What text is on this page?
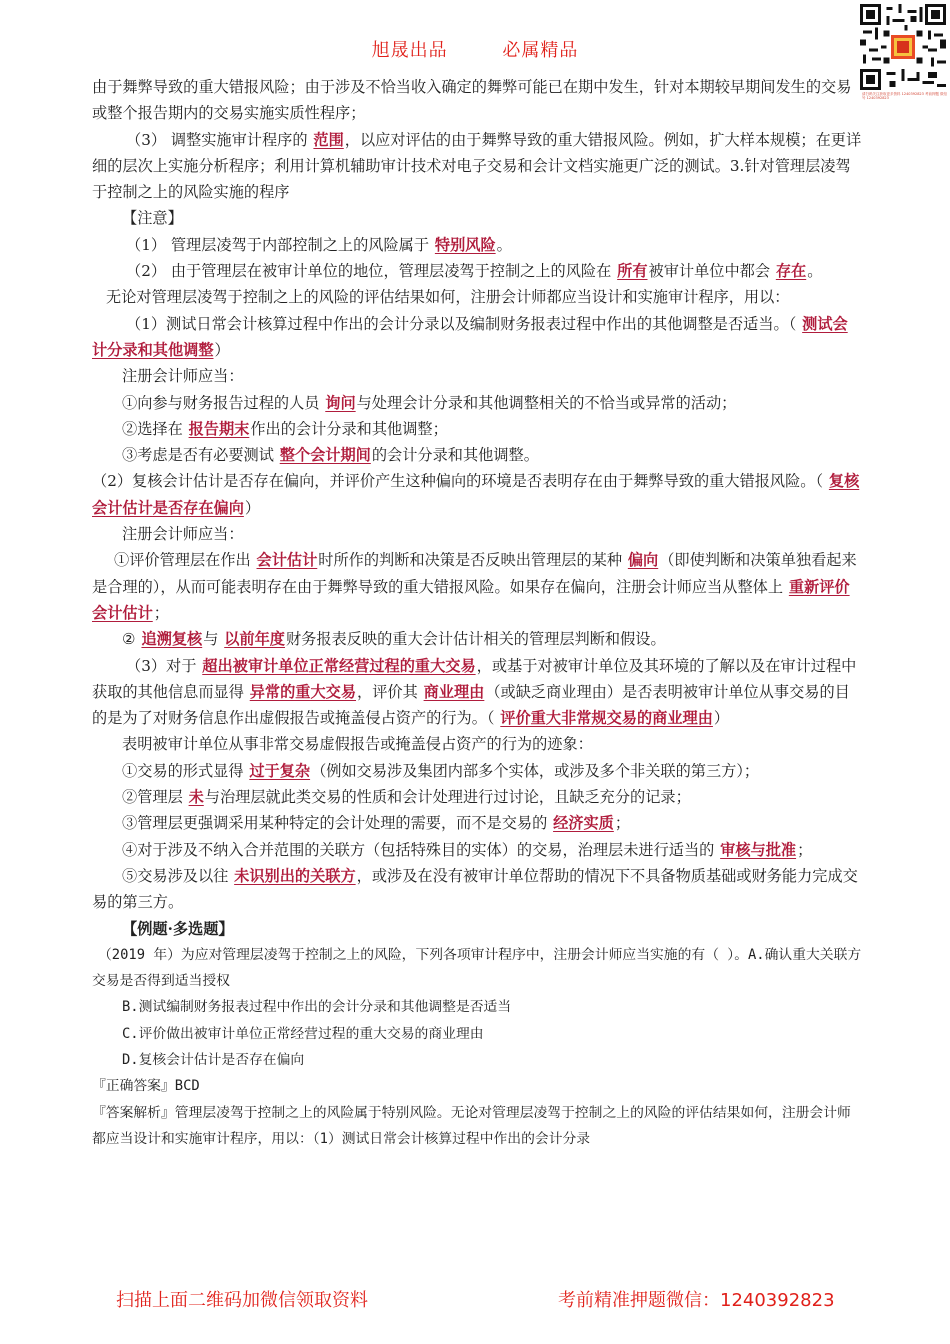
旭晟出品	必属精品
请扫码关注获取更多资料 1240392823 考前押题 微信号 1240392823

由于舞弊导致的重大错报风险；由于涉及不恰当收入确定的舞弊可能已在期中发生，针对本期较早期间发生的交易或整个报告期内的交易实施实质性程序；

（3） 调整实施审计程序的 范围，以应对评估的由于舞弊导致的重大错报风险。例如，扩大样本规模；在更详细的层次上实施分析程序；利用计算机辅助审计技术对电子交易和会计文档实施更广泛的测试。3.针对管理层凌驾于控制之上的风险实施的程序

【注意】

（1） 管理层凌驾于内部控制之上的风险属于 特别风险。

（2） 由于管理层在被审计单位的地位，管理层凌驾于控制之上的风险在 所有被审计单位中都会 存在。

无论对管理层凌驾于控制之上的风险的评估结果如何，注册会计师都应当设计和实施审计程序，用以：

（1）测试日常会计核算过程中作出的会计分录以及编制财务报表过程中作出的其他调整是否适当。（ 测试会计分录和其他调整）

注册会计师应当：

①向参与财务报告过程的人员 询问与处理会计分录和其他调整相关的不恰当或异常的活动；

②选择在 报告期末作出的会计分录和其他调整；

③考虑是否有必要测试 整个会计期间的会计分录和其他调整。

（2）复核会计估计是否存在偏向，并评价产生这种偏向的环境是否表明存在由于舞弊导致的重大错报风险。（ 复核会计估计是否存在偏向）

注册会计师应当：

①评价管理层在作出 会计估计时所作的判断和决策是否反映出管理层的某种 偏向（即使判断和决策单独看起来是合理的），从而可能表明存在由于舞弊导致的重大错报风险。如果存在偏向，注册会计师应当从整体上 重新评价会计估计；

② 追溯复核与 以前年度财务报表反映的重大会计估计相关的管理层判断和假设。

（3）对于 超出被审计单位正常经营过程的重大交易，或基于对被审计单位及其环境的了解以及在审计过程中获取的其他信息而显得 异常的重大交易，评价其 商业理由（或缺乏商业理由）是否表明被审计单位从事交易的目的是为了对财务信息作出虚假报告或掩盖侵占资产的行为。（ 评价重大非常规交易的商业理由）

表明被审计单位从事非常交易虚假报告或掩盖侵占资产的行为的迹象：

①交易的形式显得 过于复杂（例如交易涉及集团内部多个实体，或涉及多个非关联的第三方）；

②管理层 未与治理层就此类交易的性质和会计处理进行过讨论，且缺乏充分的记录；

③管理层更强调采用某种特定的会计处理的需要，而不是交易的 经济实质；

④对于涉及不纳入合并范围的关联方（包括特殊目的实体）的交易，治理层未进行适当的 审核与批准；

⑤交易涉及以往 未识别出的关联方，或涉及在没有被审计单位帮助的情况下不具备物质基础或财务能力完成交易的第三方。

【例题·多选题】

（2019 年）为应对管理层凌驾于控制之上的风险，下列各项审计程序中，注册会计师应当实施的有（ ）。A.确认重大关联方交易是否得到适当授权

B.测试编制财务报表过程中作出的会计分录和其他调整是否适当

C.评价做出被审计单位正常经营过程的重大交易的商业理由

D.复核会计估计是否存在偏向

『正确答案』BCD

『答案解析』管理层凌驾于控制之上的风险属于特别风险。无论对管理层凌驾于控制之上的风险的评估结果如何，注册会计师都应当设计和实施审计程序，用以：（1）测试日常会计核算过程中作出的会计分录

扫描上面二维码加微信领取资料	考前精准押题微信：1240392823
